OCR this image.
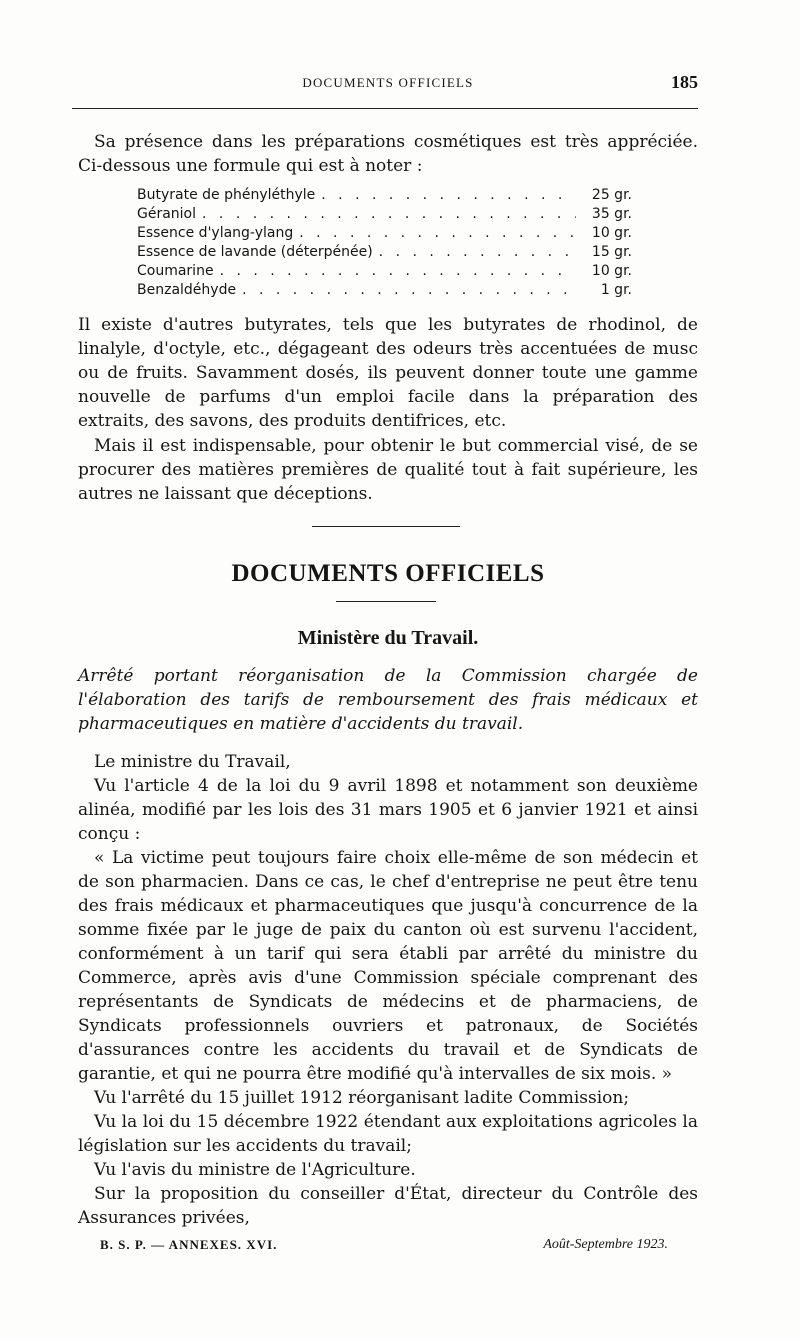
DOCUMENTS OFFICIELS	185

Sa présence dans les préparations cosmétiques est très appréciée. Ci-dessous une formule qui est à noter :

Butyrate de phényléthyle . . .	25 gr.
Géraniol . . .	35 gr.
Essence d'ylang-ylang . . .	10 gr.
Essence de lavande (déterpénée) . . .	15 gr.
Coumarine . . .	10 gr.
Benzaldéhyde . . .	1 gr.

Il existe d'autres butyrates, tels que les butyrates de rhodinol, de linalyle, d'octyle, etc., dégageant des odeurs très accentuées de musc ou de fruits. Savamment dosés, ils peuvent donner toute une gamme nouvelle de parfums d'un emploi facile dans la préparation des extraits, des savons, des produits dentifrices, etc.

Mais il est indispensable, pour obtenir le but commercial visé, de se procurer des matières premières de qualité tout à fait supérieure, les autres ne laissant que déceptions.

DOCUMENTS OFFICIELS
Ministère du Travail.

Arrêté portant réorganisation de la Commission chargée de l'élaboration des tarifs de remboursement des frais médicaux et pharmaceutiques en matière d'accidents du travail.

Le ministre du Travail,

Vu l'article 4 de la loi du 9 avril 1898 et notamment son deuxième alinéa, modifié par les lois des 31 mars 1905 et 6 janvier 1921 et ainsi conçu :

« La victime peut toujours faire choix elle-même de son médecin et de son pharmacien. Dans ce cas, le chef d'entreprise ne peut être tenu des frais médicaux et pharmaceutiques que jusqu'à concurrence de la somme fixée par le juge de paix du canton où est survenu l'accident, conformément à un tarif qui sera établi par arrêté du ministre du Commerce, après avis d'une Commission spéciale comprenant des représentants de Syndicats de médecins et de pharmaciens, de Syndicats professionnels ouvriers et patronaux, de Sociétés d'assurances contre les accidents du travail et de Syndicats de garantie, et qui ne pourra être modifié qu'à intervalles de six mois. »

Vu l'arrêté du 15 juillet 1912 réorganisant ladite Commission;

Vu la loi du 15 décembre 1922 étendant aux exploitations agricoles la législation sur les accidents du travail;

Vu l'avis du ministre de l'Agriculture.

Sur la proposition du conseiller d'État, directeur du Contrôle des Assurances privées,

B. S. P. — ANNEXES. XVI.	Août-Septembre 1923.
